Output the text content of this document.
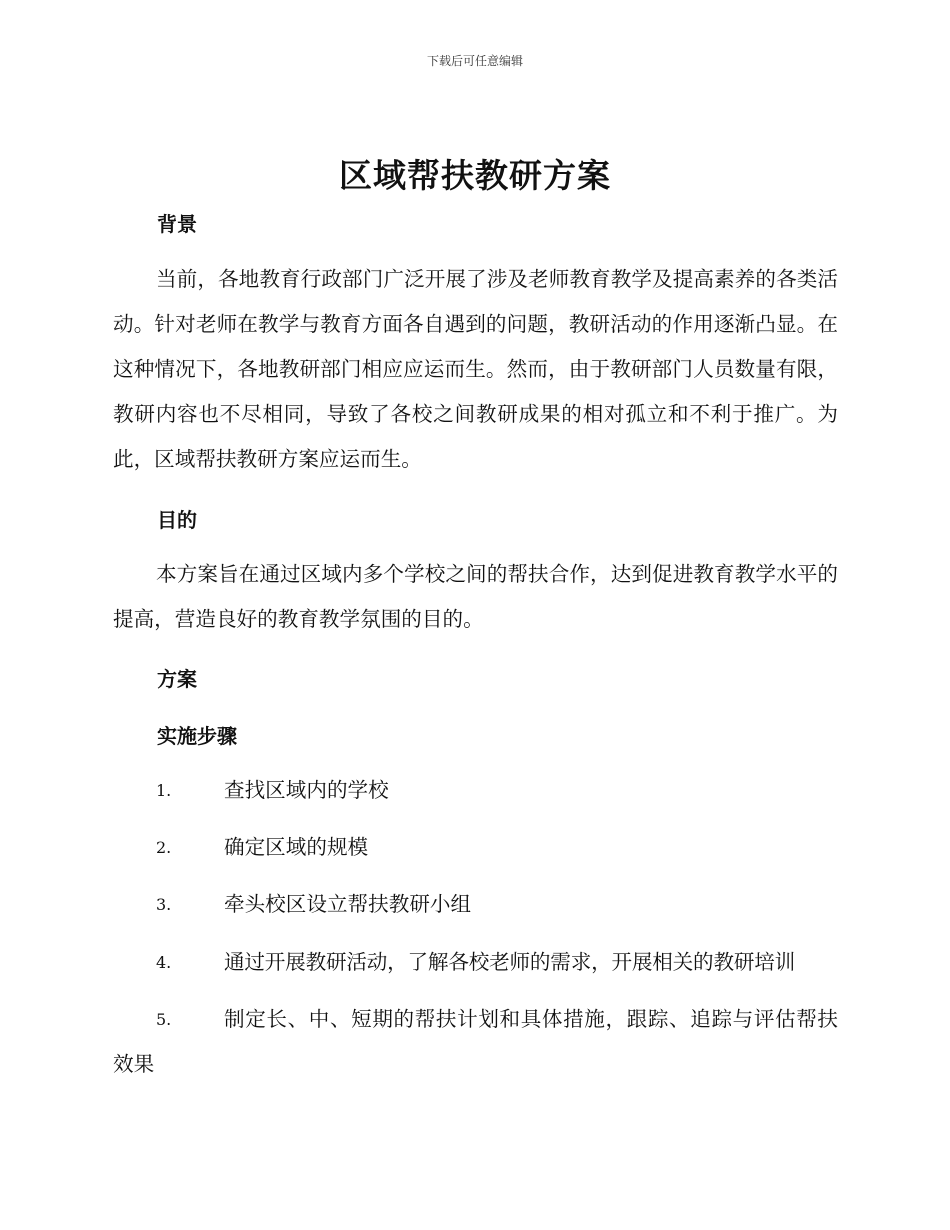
下载后可任意编辑
区域帮扶教研方案
背景

当前，各地教育行政部门广泛开展了涉及老师教育教学及提高素养的各类活动。针对老师在教学与教育方面各自遇到的问题，教研活动的作用逐渐凸显。在这种情况下，各地教研部门相应应运而生。然而，由于教研部门人员数量有限，教研内容也不尽相同，导致了各校之间教研成果的相对孤立和不利于推广。为此，区域帮扶教研方案应运而生。

目的

本方案旨在通过区域内多个学校之间的帮扶合作，达到促进教育教学水平的提高，营造良好的教育教学氛围的目的。

方案
实施步骤
1.	查找区域内的学校
2.	确定区域的规模
3.	牵头校区设立帮扶教研小组
4.	通过开展教研活动，了解各校老师的需求，开展相关的教研培训
5.	制定长、中、短期的帮扶计划和具体措施，跟踪、追踪与评估帮扶效果
